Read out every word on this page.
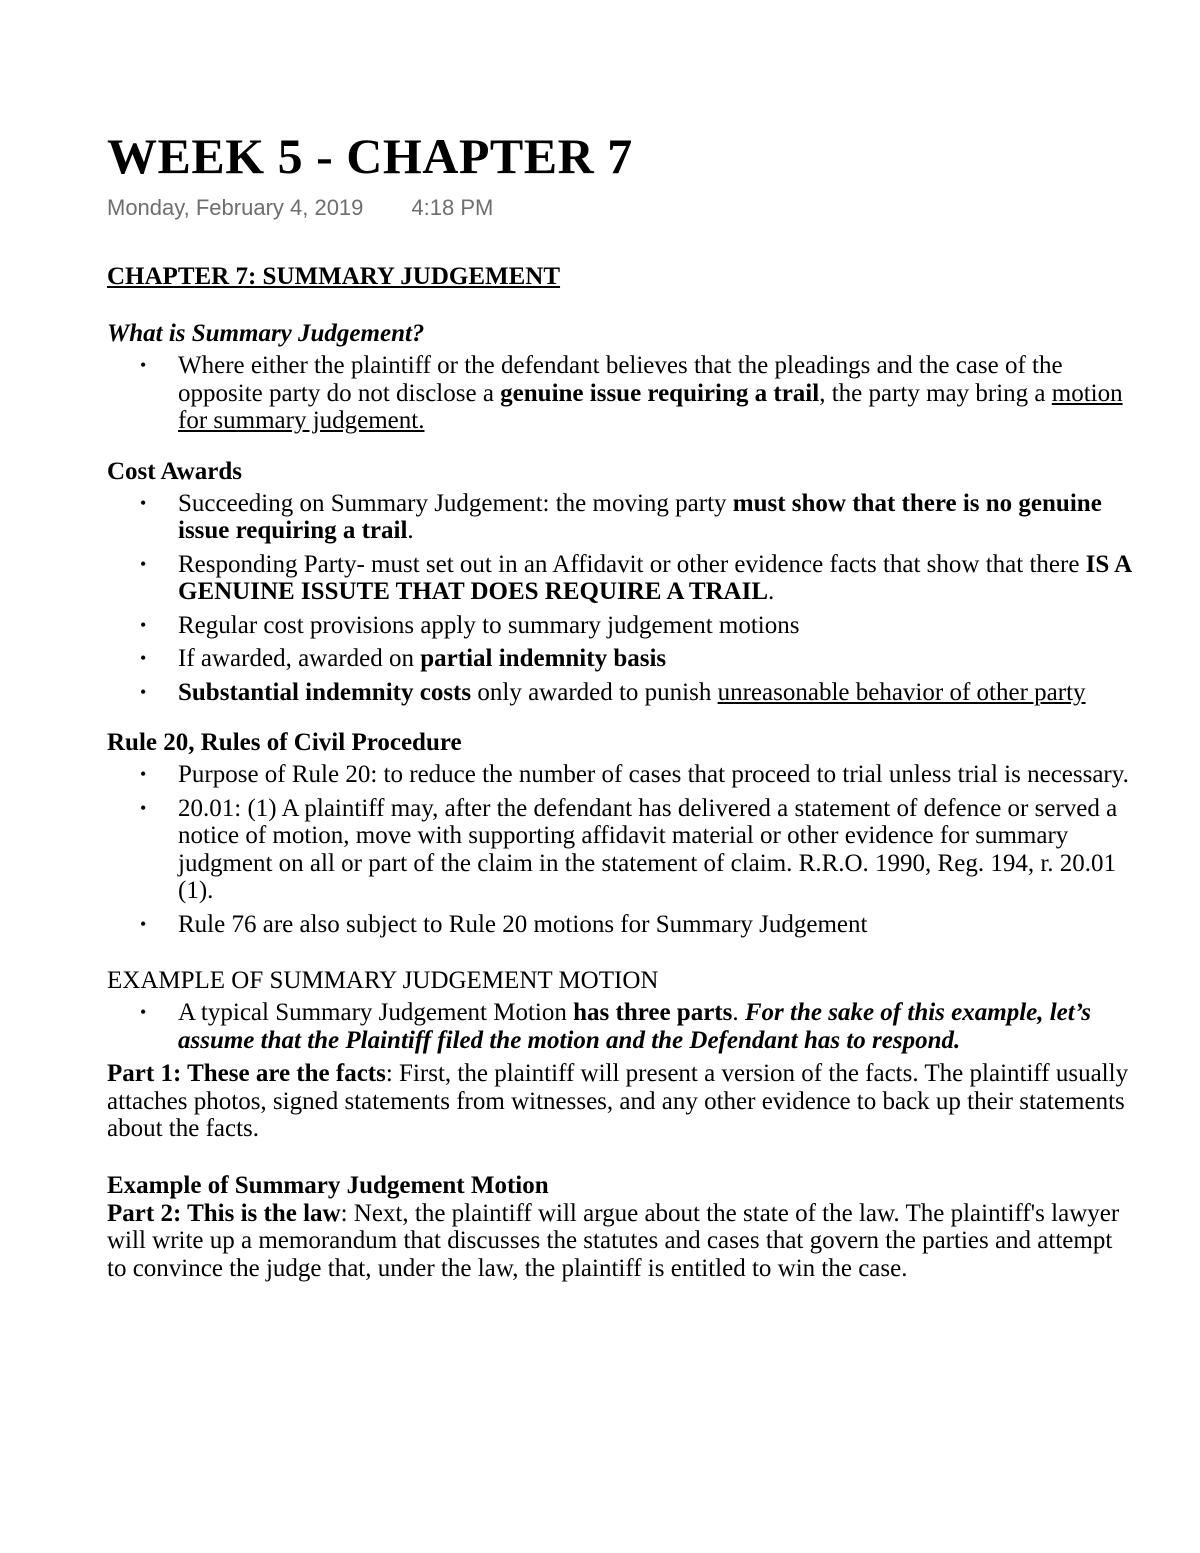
WEEK 5 - CHAPTER 7
Monday, February 4, 2019 4:18 PM
CHAPTER 7: SUMMARY JUDGEMENT
What is Summary Judgement?
• Where either the plaintiff or the defendant believes that the pleadings and the case of the opposite party do not disclose a genuine issue requiring a trail, the party may bring a motion for summary judgement.
Cost Awards
• Succeeding on Summary Judgement: the moving party must show that there is no genuine issue requiring a trail.
• Responding Party- must set out in an Affidavit or other evidence facts that show that there IS A GENUINE ISSUTE THAT DOES REQUIRE A TRAIL.
• Regular cost provisions apply to summary judgement motions
• If awarded, awarded on partial indemnity basis
• Substantial indemnity costs only awarded to punish unreasonable behavior of other party
Rule 20, Rules of Civil Procedure
• Purpose of Rule 20: to reduce the number of cases that proceed to trial unless trial is necessary.
• 20.01: (1) A plaintiff may, after the defendant has delivered a statement of defence or served a notice of motion, move with supporting affidavit material or other evidence for summary judgment on all or part of the claim in the statement of claim. R.R.O. 1990, Reg. 194, r. 20.01 (1).
• Rule 76 are also subject to Rule 20 motions for Summary Judgement
EXAMPLE OF SUMMARY JUDGEMENT MOTION
• A typical Summary Judgement Motion has three parts. For the sake of this example, let’s assume that the Plaintiff filed the motion and the Defendant has to respond.

Part 1: These are the facts: First, the plaintiff will present a version of the facts. The plaintiff usually attaches photos, signed statements from witnesses, and any other evidence to back up their statements about the facts.

Example of Summary Judgement Motion

Part 2: This is the law: Next, the plaintiff will argue about the state of the law. The plaintiff's lawyer will write up a memorandum that discusses the statutes and cases that govern the parties and attempt to convince the judge that, under the law, the plaintiff is entitled to win the case.
